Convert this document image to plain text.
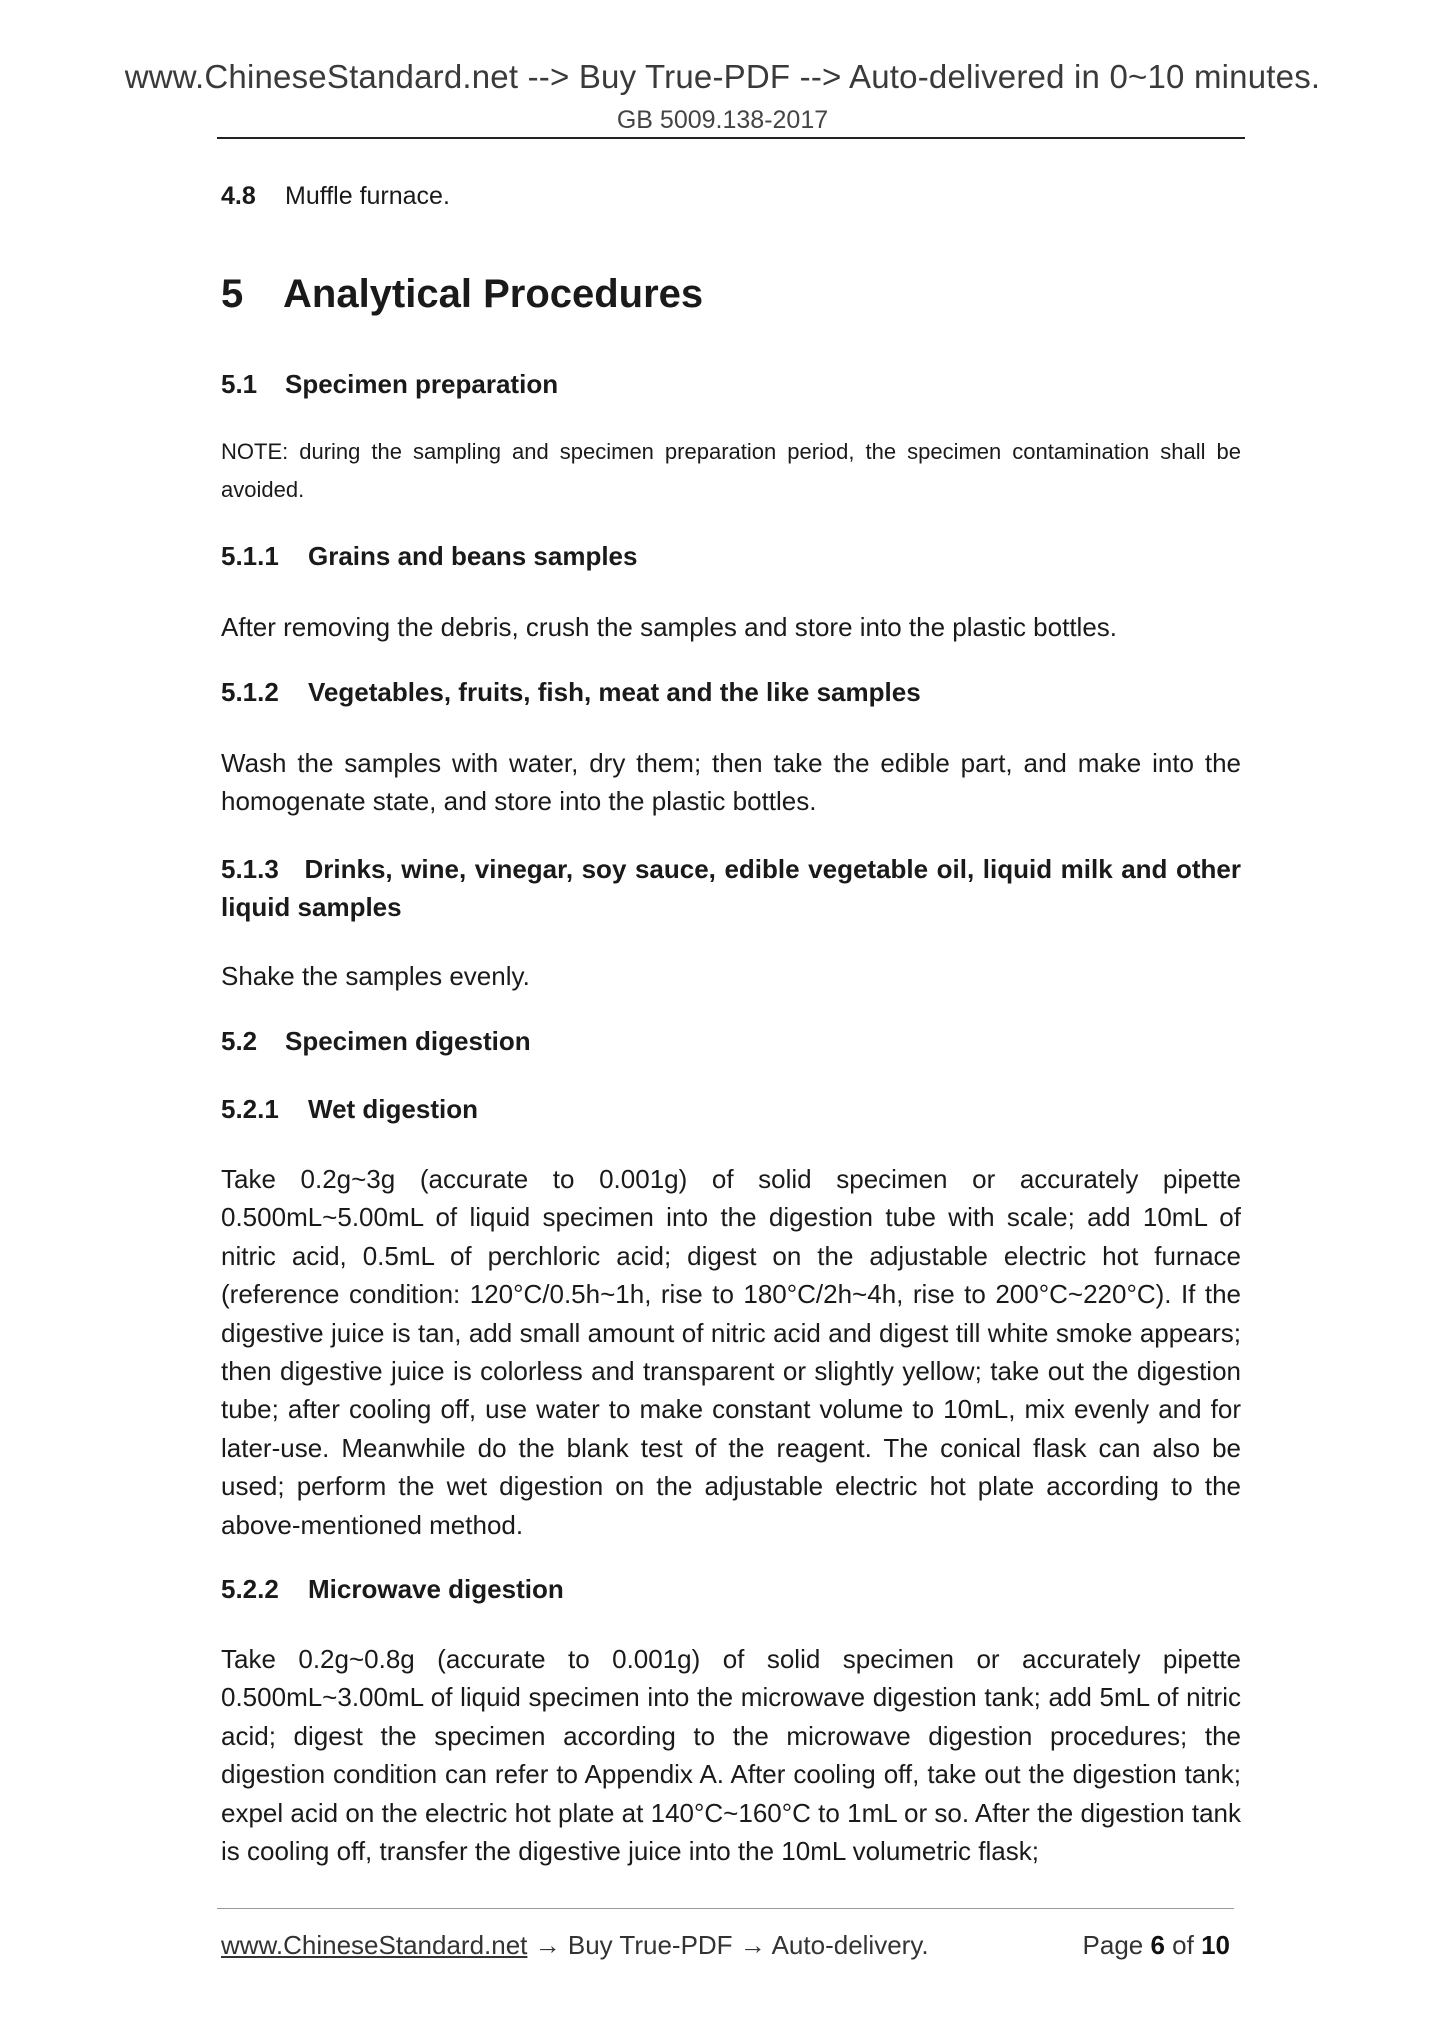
www.ChineseStandard.net --> Buy True-PDF --> Auto-delivered in 0~10 minutes.
GB 5009.138-2017
4.8 Muffle furnace.
5 Analytical Procedures
5.1 Specimen preparation
NOTE: during the sampling and specimen preparation period, the specimen contamination shall be avoided.
5.1.1 Grains and beans samples
After removing the debris, crush the samples and store into the plastic bottles.
5.1.2 Vegetables, fruits, fish, meat and the like samples
Wash the samples with water, dry them; then take the edible part, and make into the homogenate state, and store into the plastic bottles.
5.1.3 Drinks, wine, vinegar, soy sauce, edible vegetable oil, liquid milk and other liquid samples
Shake the samples evenly.
5.2 Specimen digestion
5.2.1 Wet digestion
Take 0.2g~3g (accurate to 0.001g) of solid specimen or accurately pipette 0.500mL~5.00mL of liquid specimen into the digestion tube with scale; add 10mL of nitric acid, 0.5mL of perchloric acid; digest on the adjustable electric hot furnace (reference condition: 120°C/0.5h~1h, rise to 180°C/2h~4h, rise to 200°C~220°C). If the digestive juice is tan, add small amount of nitric acid and digest till white smoke appears; then digestive juice is colorless and transparent or slightly yellow; take out the digestion tube; after cooling off, use water to make constant volume to 10mL, mix evenly and for later-use. Meanwhile do the blank test of the reagent. The conical flask can also be used; perform the wet digestion on the adjustable electric hot plate according to the above-mentioned method.
5.2.2 Microwave digestion
Take 0.2g~0.8g (accurate to 0.001g) of solid specimen or accurately pipette 0.500mL~3.00mL of liquid specimen into the microwave digestion tank; add 5mL of nitric acid; digest the specimen according to the microwave digestion procedures; the digestion condition can refer to Appendix A. After cooling off, take out the digestion tank; expel acid on the electric hot plate at 140°C~160°C to 1mL or so. After the digestion tank is cooling off, transfer the digestive juice into the 10mL volumetric flask;
www.ChineseStandard.net → Buy True-PDF → Auto-delivery.	Page 6 of 10
